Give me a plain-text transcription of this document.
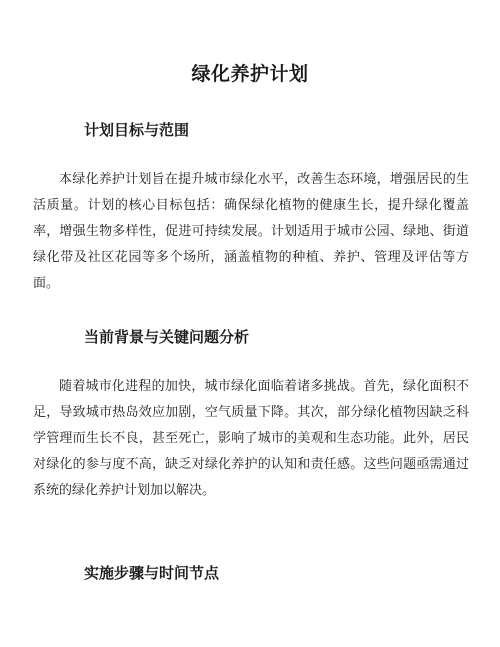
绿化养护计划
计划目标与范围

本绿化养护计划旨在提升城市绿化水平，改善生态环境，增强居民的生活质量。计划的核心目标包括：确保绿化植物的健康生长，提升绿化覆盖率，增强生物多样性，促进可持续发展。计划适用于城市公园、绿地、街道绿化带及社区花园等多个场所，涵盖植物的种植、养护、管理及评估等方面。

当前背景与关键问题分析

随着城市化进程的加快，城市绿化面临着诸多挑战。首先，绿化面积不足，导致城市热岛效应加剧，空气质量下降。其次，部分绿化植物因缺乏科学管理而生长不良，甚至死亡，影响了城市的美观和生态功能。此外，居民对绿化的参与度不高，缺乏对绿化养护的认知和责任感。这些问题亟需通过系统的绿化养护计划加以解决。

实施步骤与时间节点
